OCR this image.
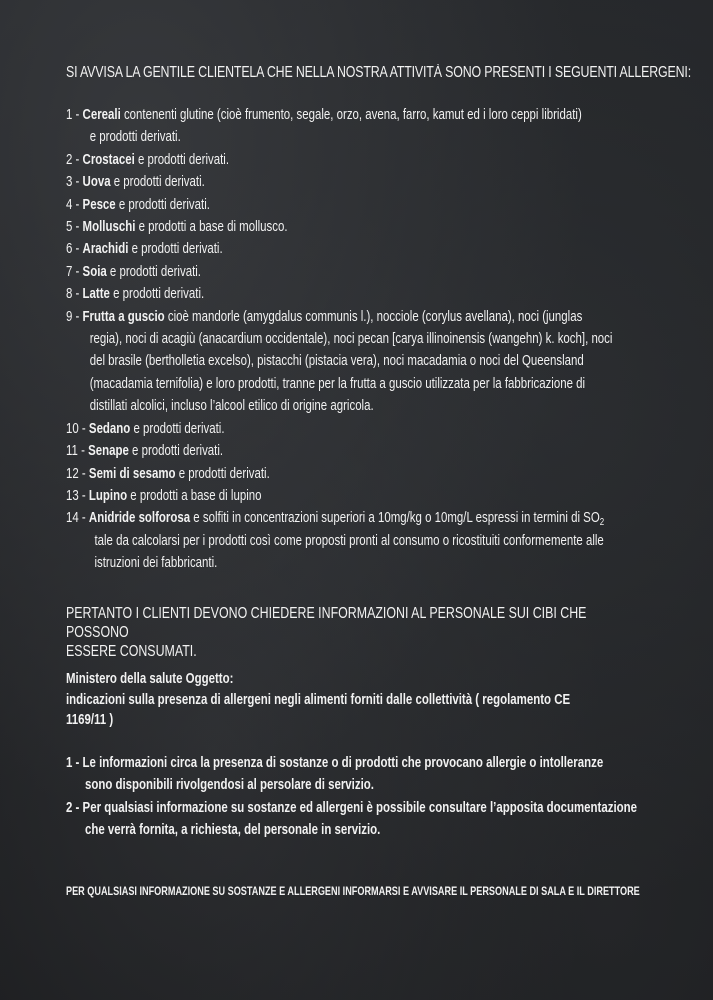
SI AVVISA LA GENTILE CLIENTELA CHE NELLA NOSTRA ATTIVITÀ SONO PRESENTI I SEGUENTI ALLERGENI:
1 - Cereali contenenti glutine (cioè frumento, segale, orzo, avena, farro, kamut ed i loro ceppi libridati)
e prodotti derivati.
2 - Crostacei e prodotti derivati.
3 - Uova e prodotti derivati.
4 - Pesce e prodotti derivati.
5 - Molluschi e prodotti a base di mollusco.
6 - Arachidi e prodotti derivati.
7 - Soia e prodotti derivati.
8 - Latte e prodotti derivati.
9 - Frutta a guscio cioè mandorle (amygdalus communis l.), nocciole (corylus avellana), noci (junglas
regia), noci di acagiù (anacardium occidentale), noci pecan [carya illinoinensis (wangehn) k. koch], noci
del brasile (bertholletia excelso), pistacchi (pistacia vera), noci macadamia o noci del Queensland
(macadamia ternifolia) e loro prodotti, tranne per la frutta a guscio utilizzata per la fabbricazione di
distillati alcolici, incluso l’alcool etilico di origine agricola.
10 - Sedano e prodotti derivati.
11 - Senape e prodotti derivati.
12 - Semi di sesamo e prodotti derivati.
13 - Lupino e prodotti a base di lupino
14 - Anidride solforosa e solfiti in concentrazioni superiori a 10mg/kg o 10mg/L espressi in termini di $SO_2$
tale da calcolarsi per i prodotti così come proposti pronti al consumo o ricostituiti conformemente alle
istruzioni dei fabbricanti.
PERTANTO I CLIENTI DEVONO CHIEDERE INFORMAZIONI AL PERSONALE SUI CIBI CHE POSSONO
ESSERE CONSUMATI.
Ministero della salute Oggetto:
indicazioni sulla presenza di allergeni negli alimenti forniti dalle collettività ( regolamento CE
1169/11 )
1 - Le informazioni circa la presenza di sostanze o di prodotti che provocano allergie o intolleranze
sono disponibili rivolgendosi al persolare di servizio.
2 - Per qualsiasi informazione su sostanze ed allergeni è possibile consultare l’apposita documentazione
che verrà fornita, a richiesta, del personale in servizio.
PER QUALSIASI INFORMAZIONE SU SOSTANZE E ALLERGENI INFORMARSI E AVVISARE IL PERSONALE DI SALA E IL DIRETTORE
